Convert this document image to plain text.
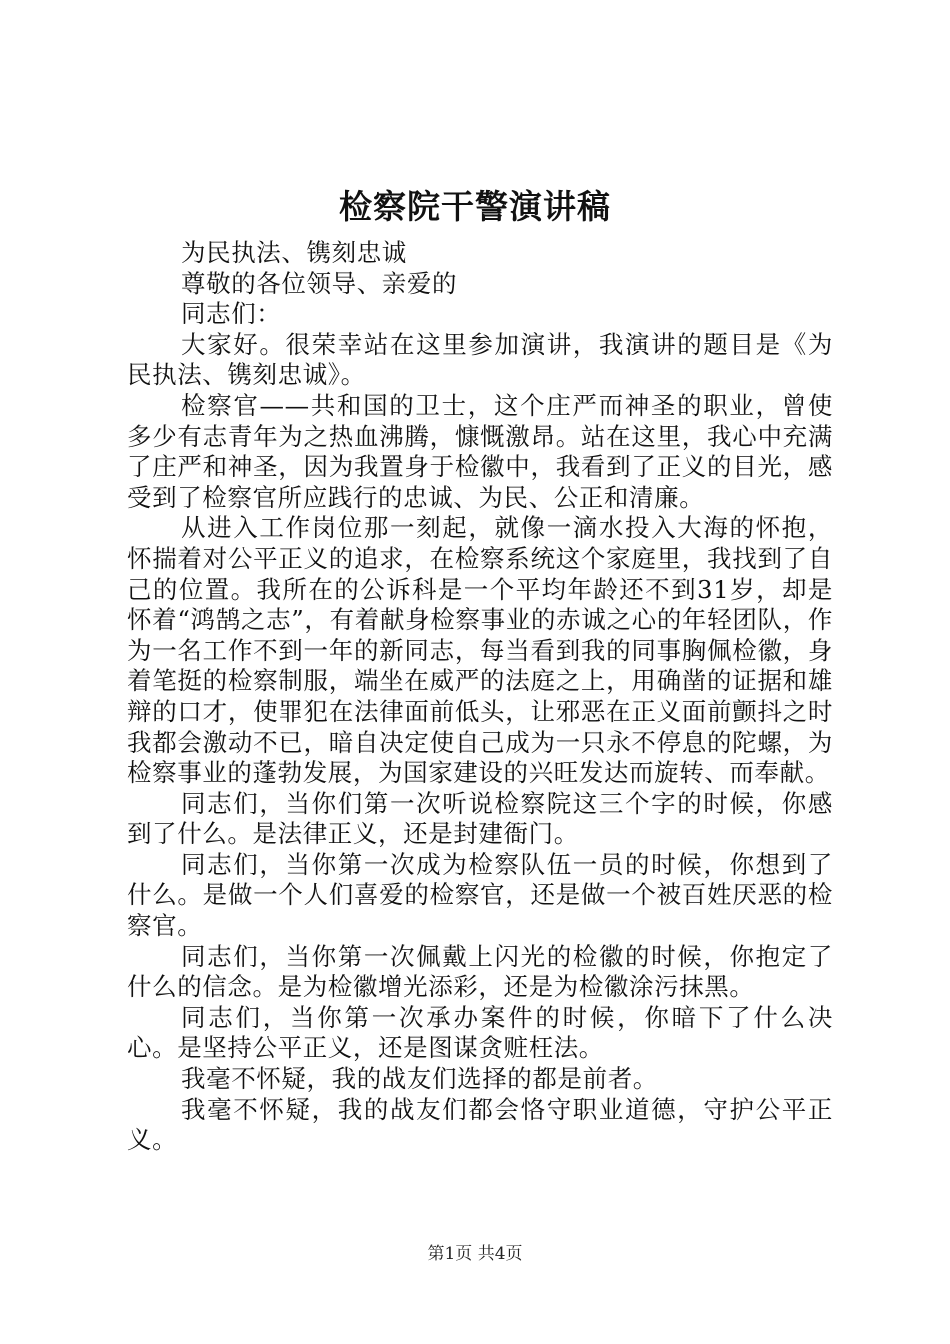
检察院干警演讲稿

为民执法、镌刻忠诚

尊敬的各位领导、亲爱的

同志们：

大家好。很荣幸站在这里参加演讲，我演讲的题目是《为民执法、镌刻忠诚》。

检察官——共和国的卫士，这个庄严而神圣的职业，曾使多少有志青年为之热血沸腾，慷慨激昂。站在这里，我心中充满了庄严和神圣，因为我置身于检徽中，我看到了正义的目光，感受到了检察官所应践行的忠诚、为民、公正和清廉。

从进入工作岗位那一刻起，就像一滴水投入大海的怀抱，怀揣着对公平正义的追求，在检察系统这个家庭里，我找到了自己的位置。我所在的公诉科是一个平均年龄还不到31岁，却是怀着“鸿鹄之志”，有着献身检察事业的赤诚之心的年轻团队，作为一名工作不到一年的新同志，每当看到我的同事胸佩检徽，身着笔挺的检察制服，端坐在威严的法庭之上，用确凿的证据和雄辩的口才，使罪犯在法律面前低头，让邪恶在正义面前颤抖之时我都会激动不已，暗自决定使自己成为一只永不停息的陀螺，为检察事业的蓬勃发展，为国家建设的兴旺发达而旋转、而奉献。

同志们，当你们第一次听说检察院这三个字的时候，你感到了什么。是法律正义，还是封建衙门。

同志们，当你第一次成为检察队伍一员的时候，你想到了什么。是做一个人们喜爱的检察官，还是做一个被百姓厌恶的检察官。

同志们，当你第一次佩戴上闪光的检徽的时候，你抱定了什么的信念。是为检徽增光添彩，还是为检徽涂污抹黑。

同志们，当你第一次承办案件的时候，你暗下了什么决心。是坚持公平正义，还是图谋贪赃枉法。

我毫不怀疑，我的战友们选择的都是前者。

我毫不怀疑，我的战友们都会恪守职业道德，守护公平正义。

第1页 共4页
